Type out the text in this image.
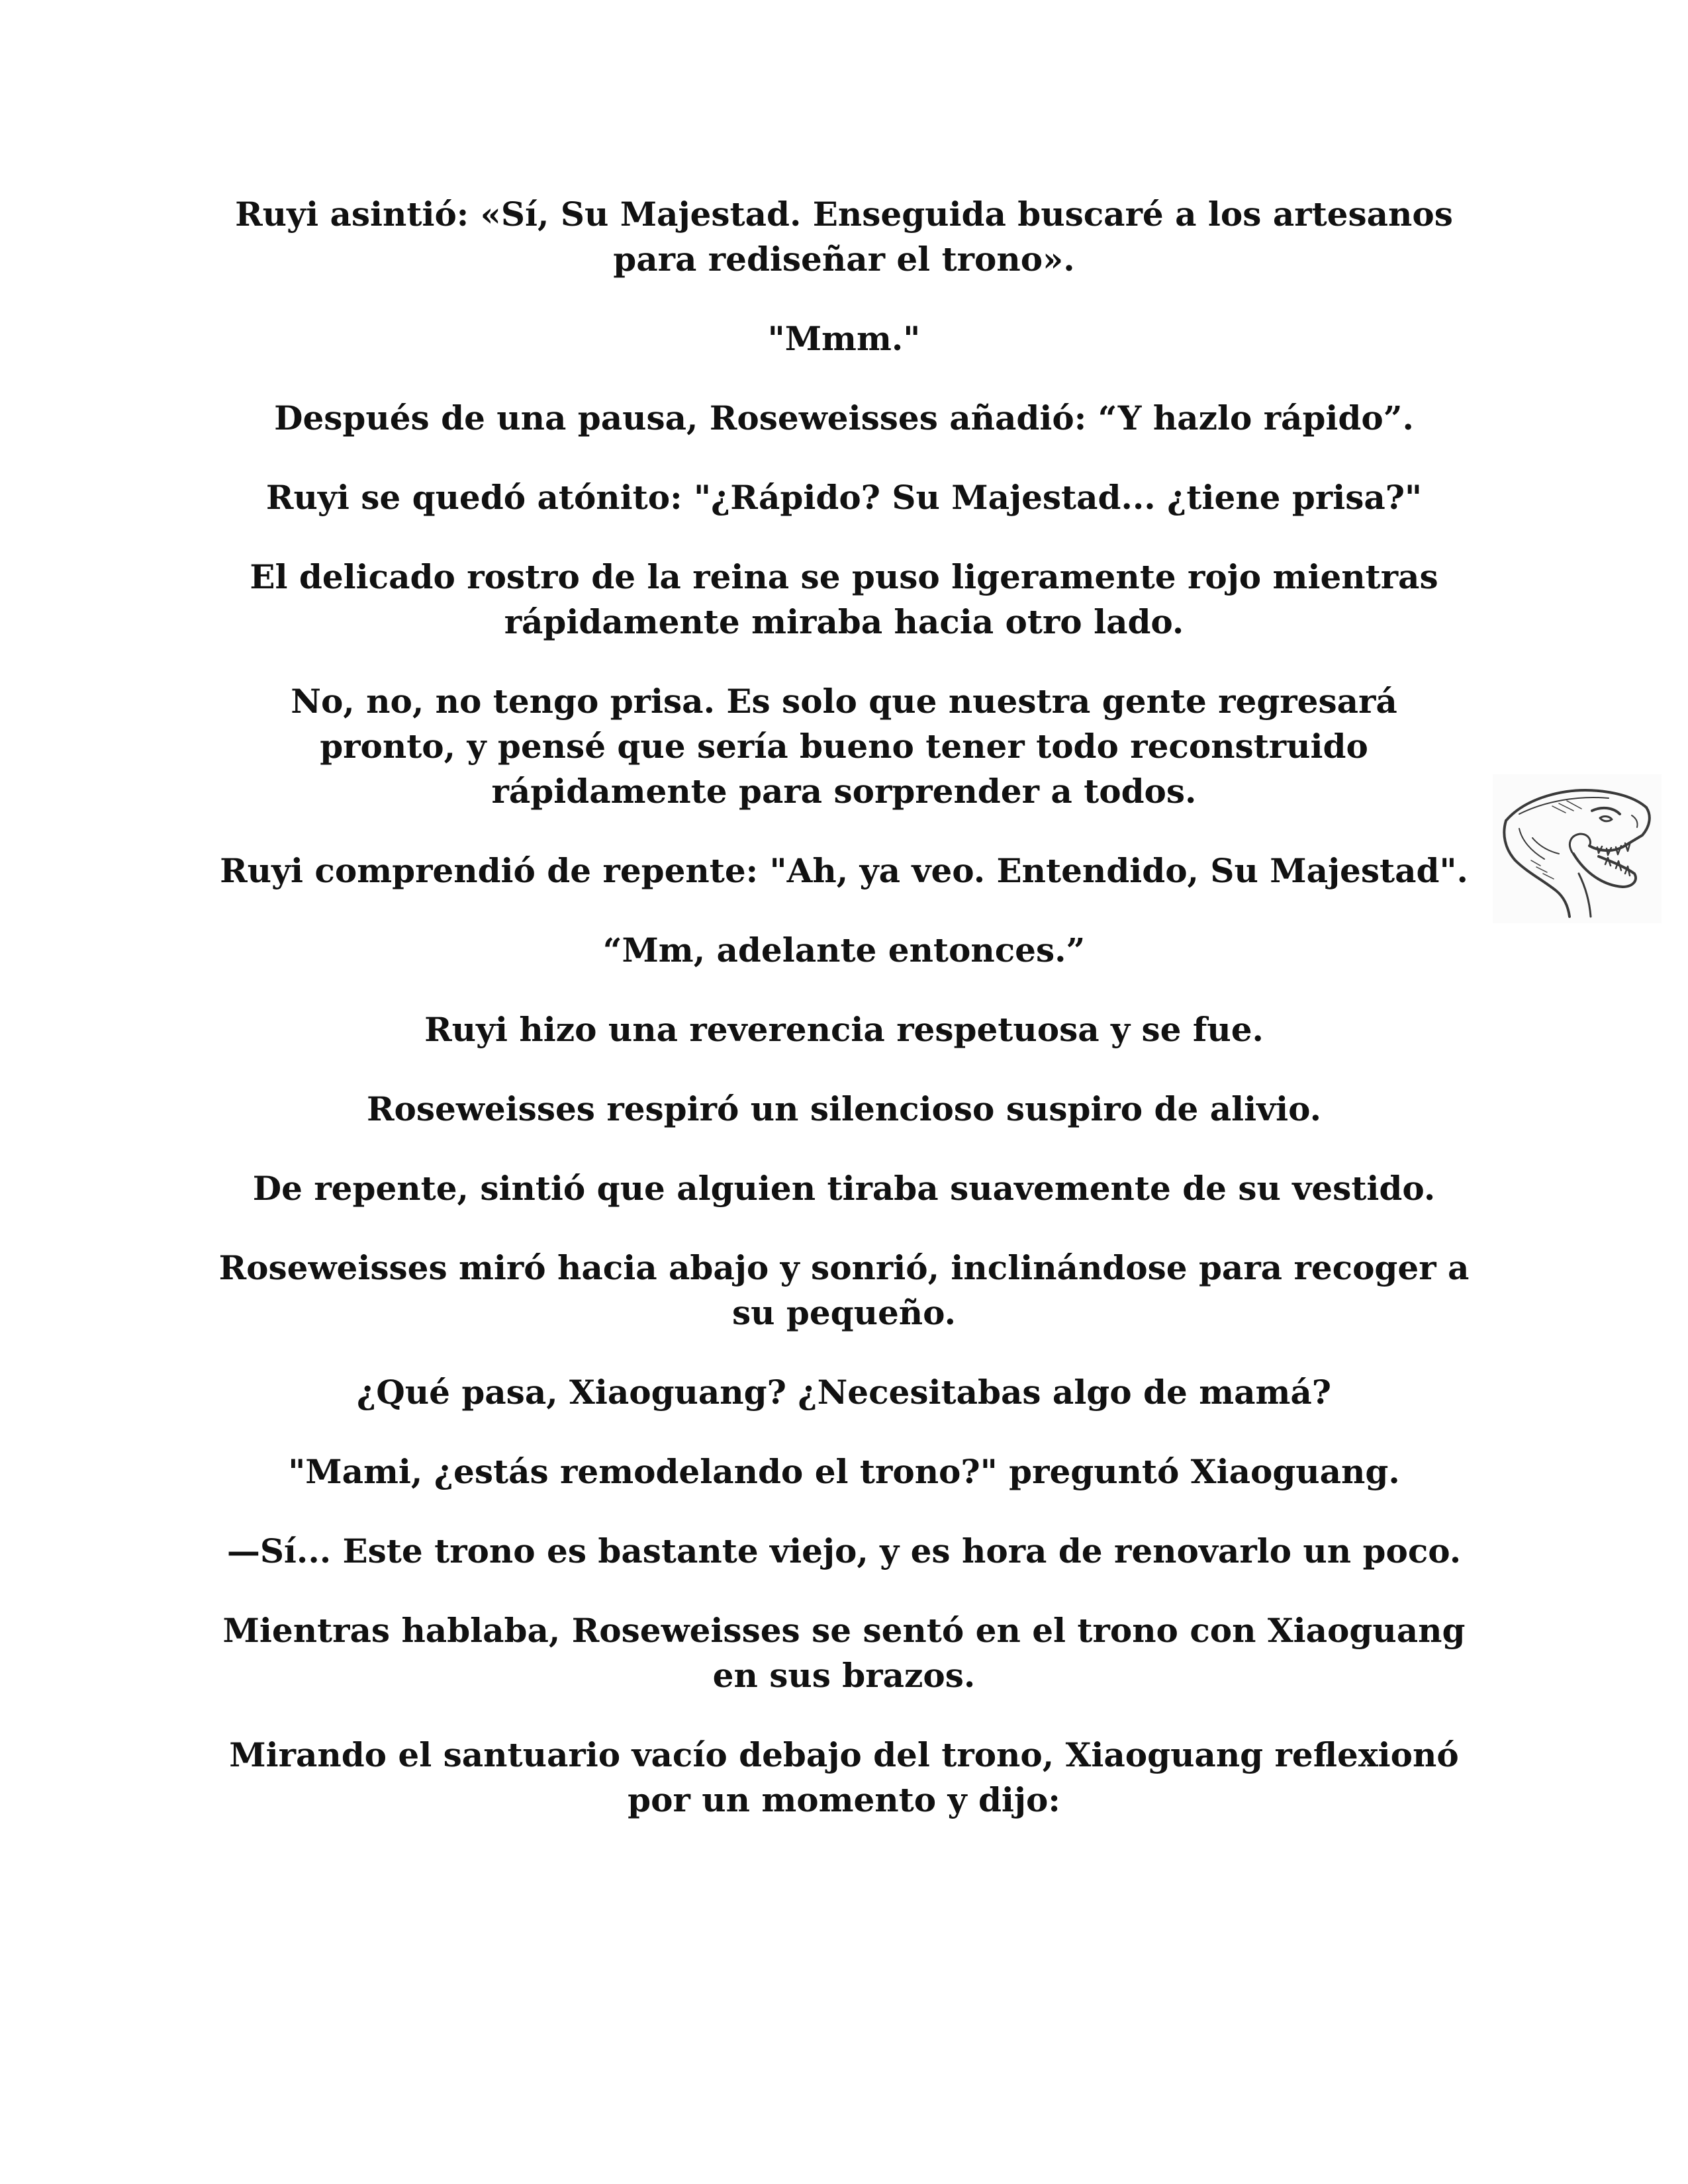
Ruyi asintió: «Sí, Su Majestad. Enseguida buscaré a los artesanos para rediseñar el trono».

"Mmm."

Después de una pausa, Roseweisses añadió: “Y hazlo rápido”.

Ruyi se quedó atónito: "¿Rápido? Su Majestad... ¿tiene prisa?"

El delicado rostro de la reina se puso ligeramente rojo mientras rápidamente miraba hacia otro lado.

No, no, no tengo prisa. Es solo que nuestra gente regresará pronto, y pensé que sería bueno tener todo reconstruido rápidamente para sorprender a todos.

Ruyi comprendió de repente: "Ah, ya veo. Entendido, Su Majestad".

“Mm, adelante entonces.”

Ruyi hizo una reverencia respetuosa y se fue.

Roseweisses respiró un silencioso suspiro de alivio.

De repente, sintió que alguien tiraba suavemente de su vestido.

Roseweisses miró hacia abajo y sonrió, inclinándose para recoger a su pequeño.

¿Qué pasa, Xiaoguang? ¿Necesitabas algo de mamá?

"Mami, ¿estás remodelando el trono?" preguntó Xiaoguang.

—Sí... Este trono es bastante viejo, y es hora de renovarlo un poco.

Mientras hablaba, Roseweisses se sentó en el trono con Xiaoguang en sus brazos.

Mirando el santuario vacío debajo del trono, Xiaoguang reflexionó por un momento y dijo:
